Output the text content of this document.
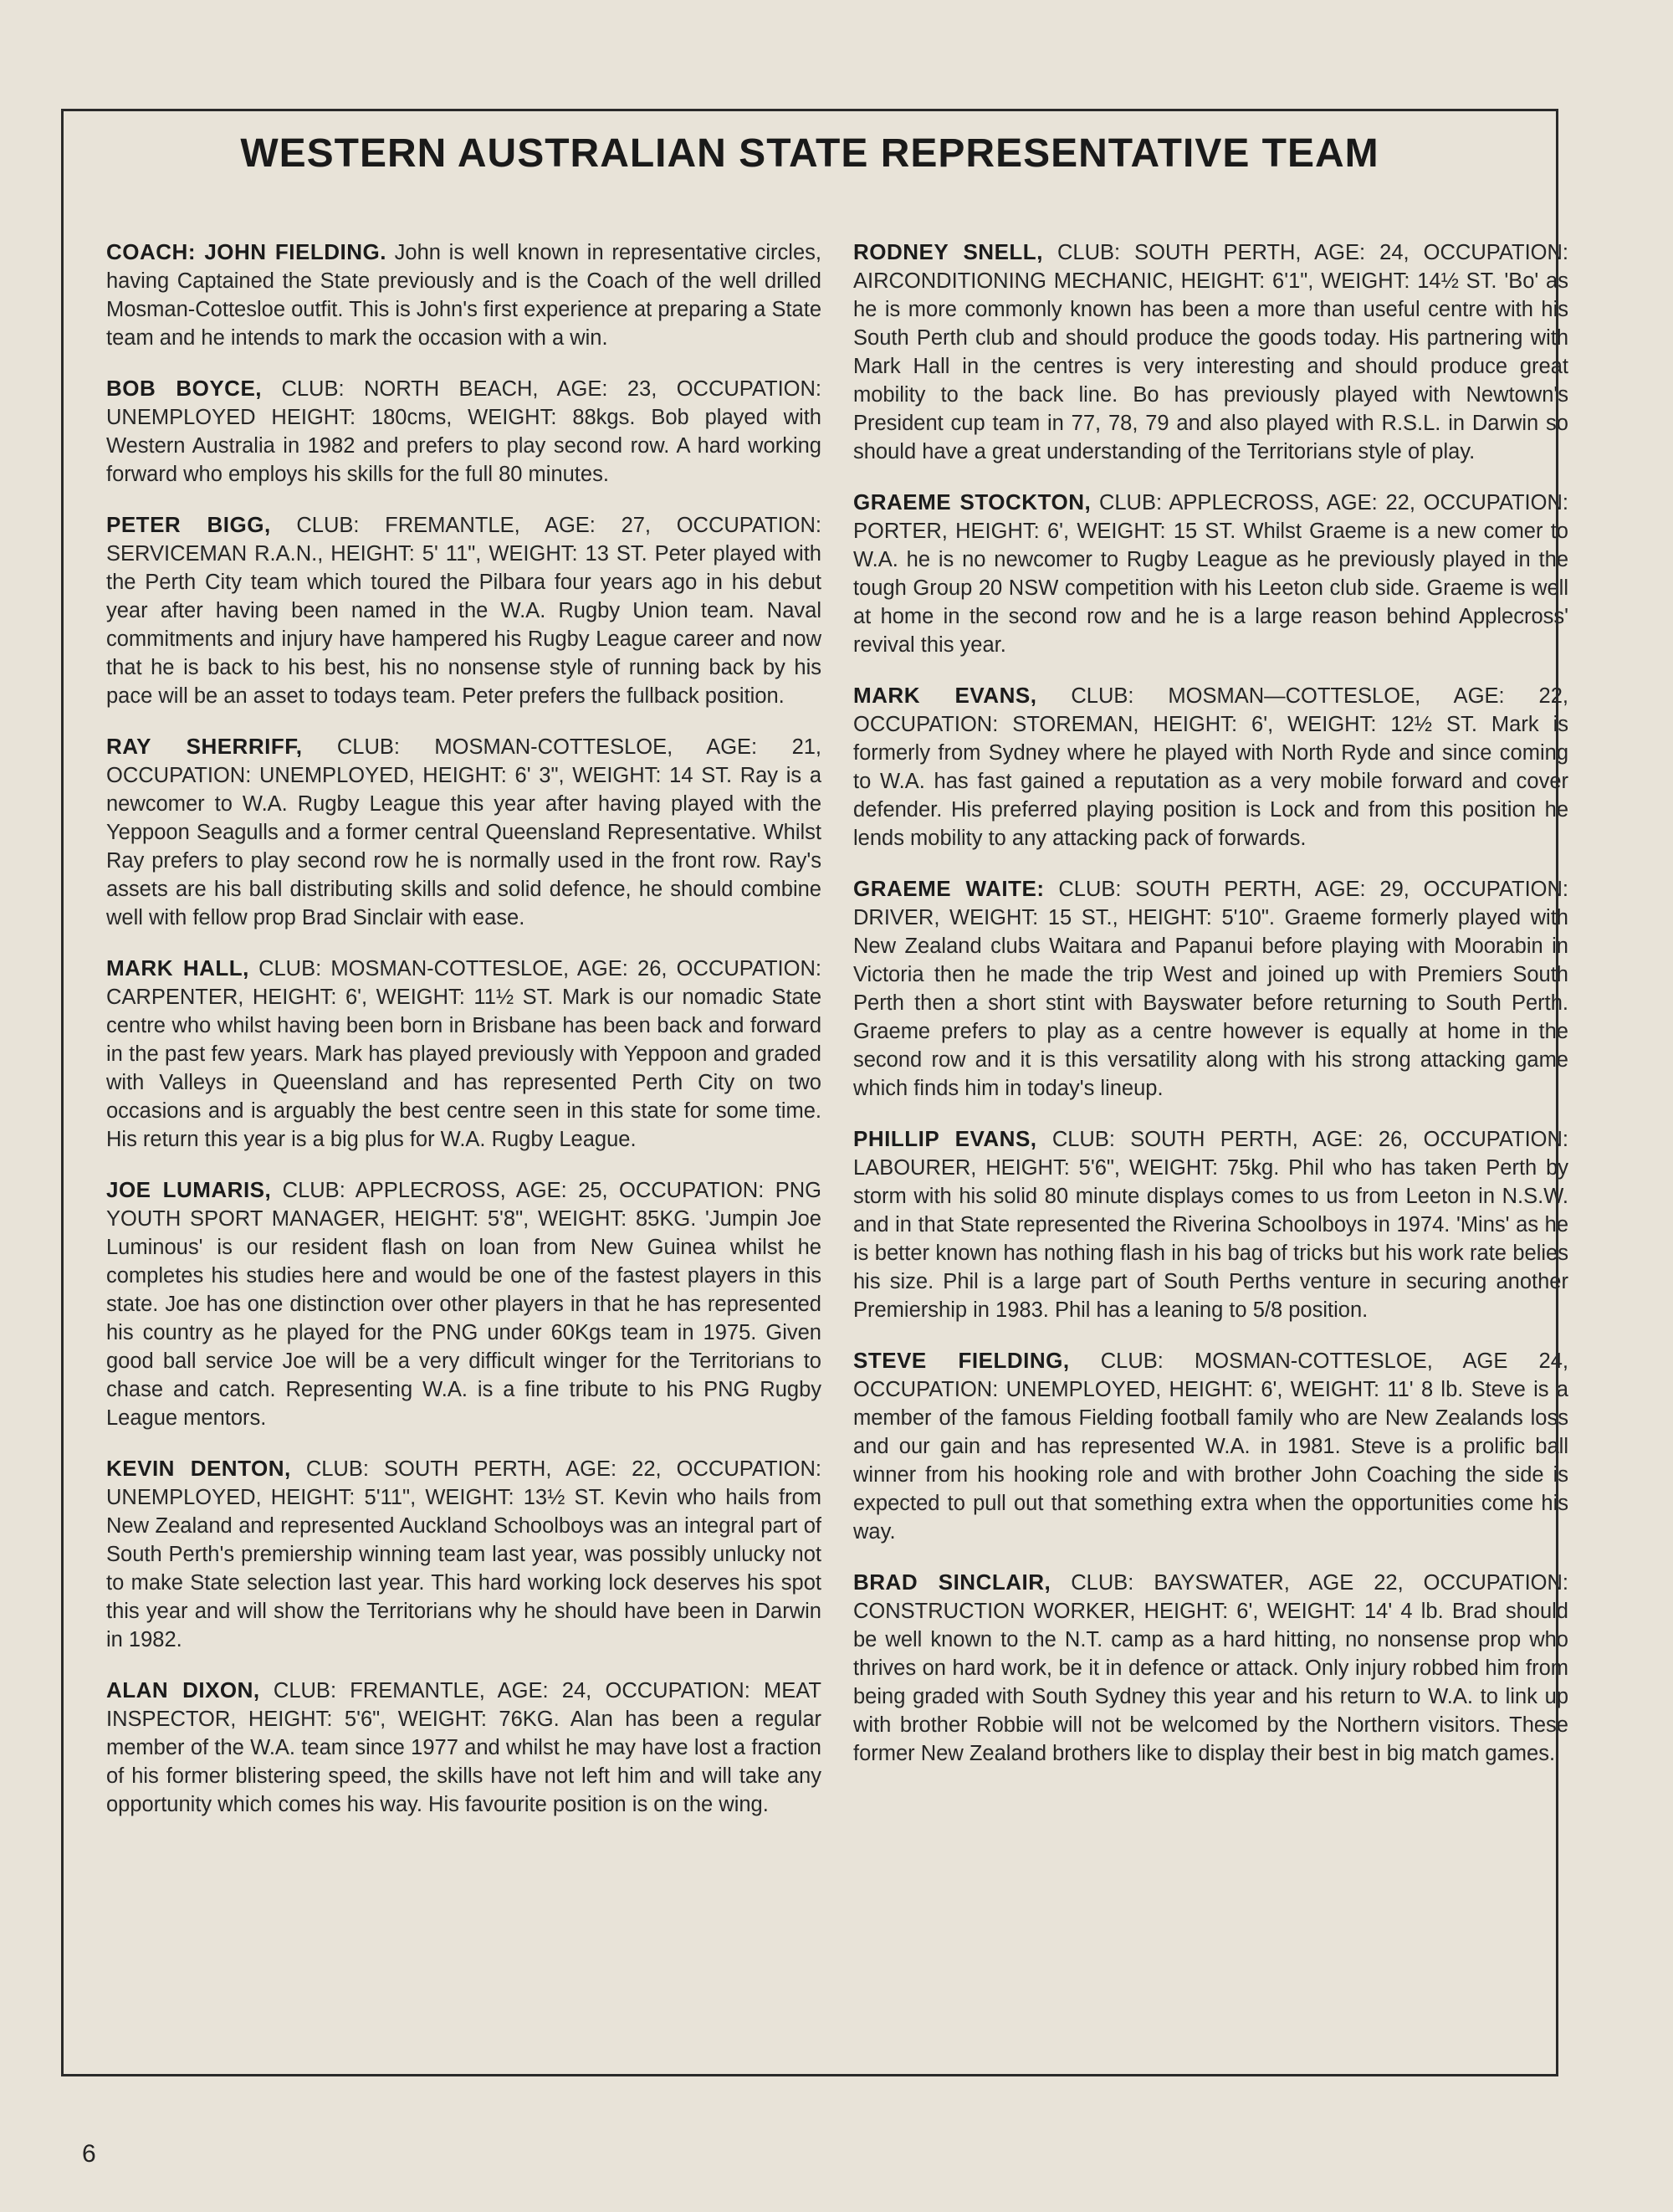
WESTERN AUSTRALIAN STATE REPRESENTATIVE TEAM

COACH: JOHN FIELDING. John is well known in representative circles, having Captained the State previously and is the Coach of the well drilled Mosman-Cottesloe outfit. This is John's first experience at preparing a State team and he intends to mark the occasion with a win.

BOB BOYCE, CLUB: NORTH BEACH, AGE: 23, OCCUPATION: UNEMPLOYED HEIGHT: 180cms, WEIGHT: 88kgs. Bob played with Western Australia in 1982 and prefers to play second row. A hard working forward who employs his skills for the full 80 minutes.

PETER BIGG, CLUB: FREMANTLE, AGE: 27, OCCUPATION: SERVICEMAN R.A.N., HEIGHT: 5' 11", WEIGHT: 13 ST. Peter played with the Perth City team which toured the Pilbara four years ago in his debut year after having been named in the W.A. Rugby Union team. Naval commitments and injury have hampered his Rugby League career and now that he is back to his best, his no nonsense style of running back by his pace will be an asset to todays team. Peter prefers the fullback position.

RAY SHERRIFF, CLUB: MOSMAN-COTTESLOE, AGE: 21, OCCUPATION: UNEMPLOYED, HEIGHT: 6' 3", WEIGHT: 14 ST. Ray is a newcomer to W.A. Rugby League this year after having played with the Yeppoon Seagulls and a former central Queensland Representative. Whilst Ray prefers to play second row he is normally used in the front row. Ray's assets are his ball distributing skills and solid defence, he should combine well with fellow prop Brad Sinclair with ease.

MARK HALL, CLUB: MOSMAN-COTTESLOE, AGE: 26, OCCUPATION: CARPENTER, HEIGHT: 6', WEIGHT: 11½ ST. Mark is our nomadic State centre who whilst having been born in Brisbane has been back and forward in the past few years. Mark has played previously with Yeppoon and graded with Valleys in Queensland and has represented Perth City on two occasions and is arguably the best centre seen in this state for some time. His return this year is a big plus for W.A. Rugby League.

JOE LUMARIS, CLUB: APPLECROSS, AGE: 25, OCCUPATION: PNG YOUTH SPORT MANAGER, HEIGHT: 5'8", WEIGHT: 85KG. 'Jumpin Joe Luminous' is our resident flash on loan from New Guinea whilst he completes his studies here and would be one of the fastest players in this state. Joe has one distinction over other players in that he has represented his country as he played for the PNG under 60Kgs team in 1975. Given good ball service Joe will be a very difficult winger for the Territorians to chase and catch. Representing W.A. is a fine tribute to his PNG Rugby League mentors.

KEVIN DENTON, CLUB: SOUTH PERTH, AGE: 22, OCCUPATION: UNEMPLOYED, HEIGHT: 5'11", WEIGHT: 13½ ST. Kevin who hails from New Zealand and represented Auckland Schoolboys was an integral part of South Perth's premiership winning team last year, was possibly unlucky not to make State selection last year. This hard working lock deserves his spot this year and will show the Territorians why he should have been in Darwin in 1982.

ALAN DIXON, CLUB: FREMANTLE, AGE: 24, OCCUPATION: MEAT INSPECTOR, HEIGHT: 5'6", WEIGHT: 76KG. Alan has been a regular member of the W.A. team since 1977 and whilst he may have lost a fraction of his former blistering speed, the skills have not left him and will take any opportunity which comes his way. His favourite position is on the wing.

RODNEY SNELL, CLUB: SOUTH PERTH, AGE: 24, OCCUPATION: AIRCONDITIONING MECHANIC, HEIGHT: 6'1", WEIGHT: 14½ ST. 'Bo' as he is more commonly known has been a more than useful centre with his South Perth club and should produce the goods today. His partnering with Mark Hall in the centres is very interesting and should produce great mobility to the back line. Bo has previously played with Newtown's President cup team in 77, 78, 79 and also played with R.S.L. in Darwin so should have a great understanding of the Territorians style of play.

GRAEME STOCKTON, CLUB: APPLECROSS, AGE: 22, OCCUPATION: PORTER, HEIGHT: 6', WEIGHT: 15 ST. Whilst Graeme is a new comer to W.A. he is no newcomer to Rugby League as he previously played in the tough Group 20 NSW competition with his Leeton club side. Graeme is well at home in the second row and he is a large reason behind Applecross' revival this year.

MARK EVANS, CLUB: MOSMAN—COTTESLOE, AGE: 22, OCCUPATION: STOREMAN, HEIGHT: 6', WEIGHT: 12½ ST. Mark is formerly from Sydney where he played with North Ryde and since coming to W.A. has fast gained a reputation as a very mobile forward and cover defender. His preferred playing position is Lock and from this position he lends mobility to any attacking pack of forwards.

GRAEME WAITE: CLUB: SOUTH PERTH, AGE: 29, OCCUPATION: DRIVER, WEIGHT: 15 ST., HEIGHT: 5'10". Graeme formerly played with New Zealand clubs Waitara and Papanui before playing with Moorabin in Victoria then he made the trip West and joined up with Premiers South Perth then a short stint with Bayswater before returning to South Perth. Graeme prefers to play as a centre however is equally at home in the second row and it is this versatility along with his strong attacking game which finds him in today's lineup.

PHILLIP EVANS, CLUB: SOUTH PERTH, AGE: 26, OCCUPATION: LABOURER, HEIGHT: 5'6", WEIGHT: 75kg. Phil who has taken Perth by storm with his solid 80 minute displays comes to us from Leeton in N.S.W. and in that State represented the Riverina Schoolboys in 1974. 'Mins' as he is better known has nothing flash in his bag of tricks but his work rate belies his size. Phil is a large part of South Perths venture in securing another Premiership in 1983. Phil has a leaning to 5/8 position.

STEVE FIELDING, CLUB: MOSMAN-COTTESLOE, AGE 24, OCCUPATION: UNEMPLOYED, HEIGHT: 6', WEIGHT: 11' 8 lb. Steve is a member of the famous Fielding football family who are New Zealands loss and our gain and has represented W.A. in 1981. Steve is a prolific ball winner from his hooking role and with brother John Coaching the side is expected to pull out that something extra when the opportunities come his way.

BRAD SINCLAIR, CLUB: BAYSWATER, AGE 22, OCCUPATION: CONSTRUCTION WORKER, HEIGHT: 6', WEIGHT: 14' 4 lb. Brad should be well known to the N.T. camp as a hard hitting, no nonsense prop who thrives on hard work, be it in defence or attack. Only injury robbed him from being graded with South Sydney this year and his return to W.A. to link up with brother Robbie will not be welcomed by the Northern visitors. These former New Zealand brothers like to display their best in big match games.

6
